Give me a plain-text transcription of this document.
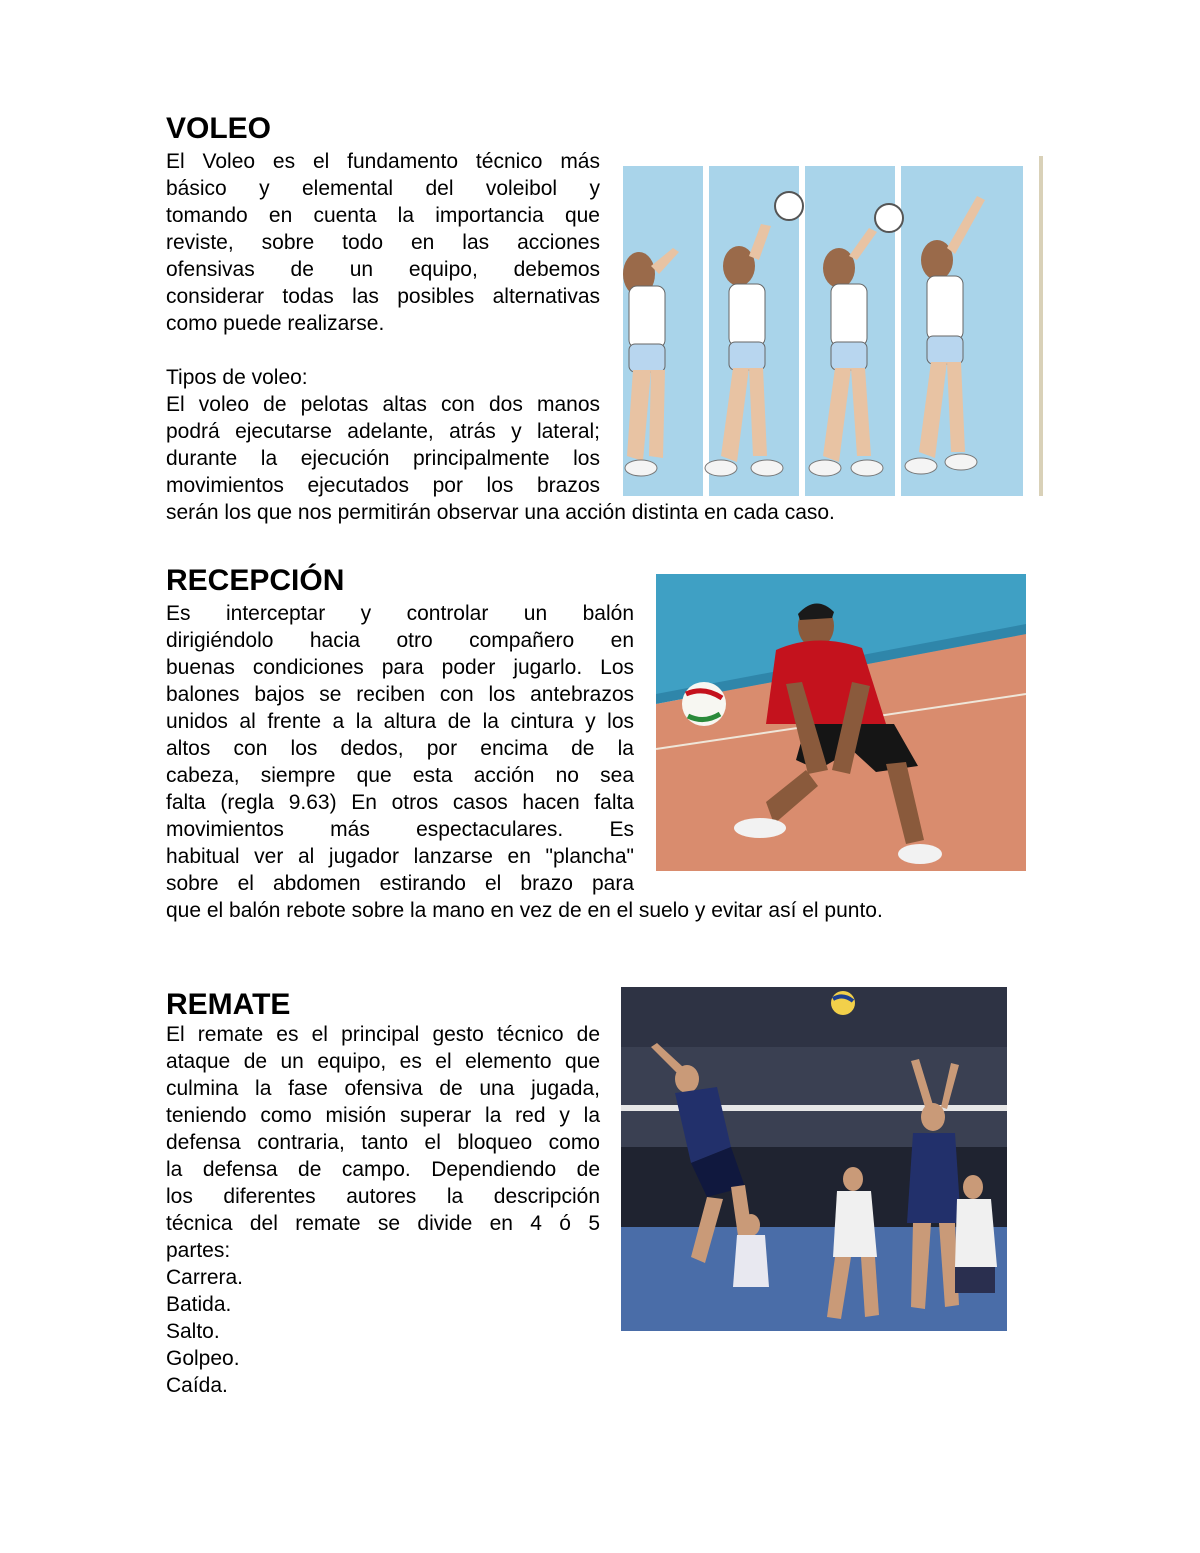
VOLEO

El Voleo es el fundamento técnico más

básico y elemental del voleibol y

tomando en cuenta la importancia que

reviste, sobre todo en las acciones

ofensivas de un equipo, debemos

considerar todas las posibles alternativas

como puede realizarse.

Tipos de voleo:

El voleo de pelotas altas con dos manos

podrá ejecutarse adelante, atrás y lateral;

durante la ejecución principalmente los

movimientos ejecutados por los brazos

serán los que nos permitirán observar una acción distinta en cada caso.

RECEPCIÓN

Es interceptar y controlar un balón

dirigiéndolo hacia otro compañero en

buenas condiciones para poder jugarlo. Los

balones bajos se reciben con los antebrazos

unidos al frente a la altura de la cintura y los

altos con los dedos, por encima de la

cabeza, siempre que esta acción no sea

falta (regla 9.63) En otros casos hacen falta

movimientos más espectaculares. Es

habitual ver al jugador lanzarse en "plancha"

sobre el abdomen estirando el brazo para

que el balón rebote sobre la mano en vez de en el suelo y evitar así el punto.

REMATE

El remate es el principal gesto técnico de

ataque de un equipo, es el elemento que

culmina la fase ofensiva de una jugada,

teniendo como misión superar la red y la

defensa contraria, tanto el bloqueo como

la defensa de campo. Dependiendo de

los diferentes autores la descripción

técnica del remate se divide en 4 ó 5

partes:

Carrera.

Batida.

Salto.

Golpeo.

Caída.
